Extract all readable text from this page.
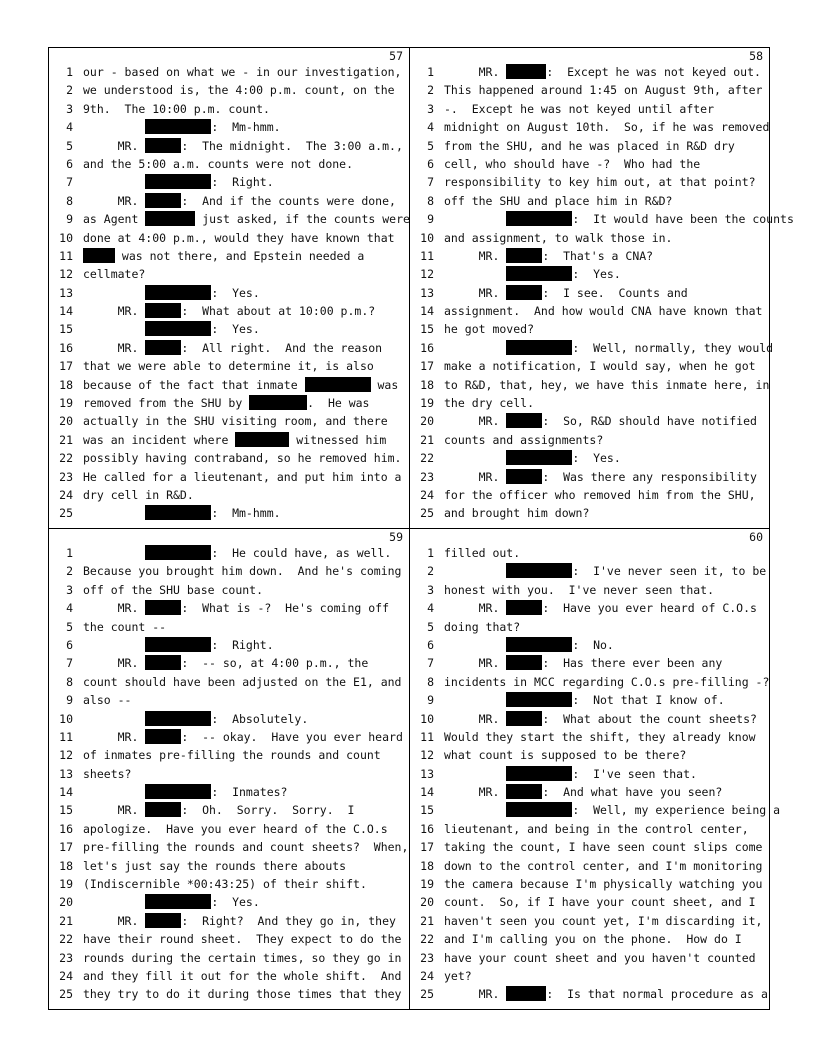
57
1 our - based on what we - in our investigation,
2 we understood is, the 4:00 p.m. count, on the
3 9th.  The 10:00 p.m. count.
4	:  Mm-hmm.
5 MR.	:  The midnight.  The 3:00 a.m.,
6 and the 5:00 a.m. counts were not done.
7	:  Right.
8 MR.	:  And if the counts were done,
9 as Agent	just asked, if the counts were
10 done at 4:00 p.m., would they have known that
11	was not there, and Epstein needed a
12 cellmate?
13	:  Yes.
14 MR.	:  What about at 10:00 p.m.?
15	:  Yes.
16 MR.	:  All right.  And the reason
17 that we were able to determine it, is also
18 because of the fact that inmate	was
19 removed from the SHU by	.  He was
20 actually in the SHU visiting room, and there
21 was an incident where	witnessed him
22 possibly having contraband, so he removed him.
23 He called for a lieutenant, and put him into a
24 dry cell in R&D.
25	:  Mm-hmm.
58
1 MR.	:  Except he was not keyed out.
2 This happened around 1:45 on August 9th, after
3 -.  Except he was not keyed until after
4 midnight on August 10th.  So, if he was removed
5 from the SHU, and he was placed in R&D dry
6 cell, who should have -?  Who had the
7 responsibility to key him out, at that point?
8 off the SHU and place him in R&D?
9	:  It would have been the counts
10 and assignment, to walk those in.
11 MR.	:  That's a CNA?
12	:  Yes.
13 MR.	:  I see.  Counts and
14 assignment.  And how would CNA have known that
15 he got moved?
16	:  Well, normally, they would
17 make a notification, I would say, when he got
18 to R&D, that, hey, we have this inmate here, in
19 the dry cell.
20 MR.	:  So, R&D should have notified
21 counts and assignments?
22	:  Yes.
23 MR.	:  Was there any responsibility
24 for the officer who removed him from the SHU,
25 and brought him down?
59
1	:  He could have, as well.
2 Because you brought him down.  And he's coming
3 off of the SHU base count.
4 MR.	:  What is -?  He's coming off
5 the count --
6	:  Right.
7 MR.	:  -- so, at 4:00 p.m., the
8 count should have been adjusted on the E1, and
9 also --
10	:  Absolutely.
11 MR.	:  -- okay.  Have you ever heard
12 of inmates pre-filling the rounds and count
13 sheets?
14	:  Inmates?
15 MR.	:  Oh.  Sorry.  Sorry.  I
16 apologize.  Have you ever heard of the C.O.s
17 pre-filling the rounds and count sheets?  When,
18 let's just say the rounds there abouts
19 (Indiscernible *00:43:25) of their shift.
20	:  Yes.
21 MR.	:  Right?  And they go in, they
22 have their round sheet.  They expect to do the
23 rounds during the certain times, so they go in
24 and they fill it out for the whole shift.  And
25 they try to do it during those times that they
60
1 filled out.
2	:  I've never seen it, to be
3 honest with you.  I've never seen that.
4 MR.	:  Have you ever heard of C.O.s
5 doing that?
6	:  No.
7 MR.	:  Has there ever been any
8 incidents in MCC regarding C.O.s pre-filling -?
9	:  Not that I know of.
10 MR.	:  What about the count sheets?
11 Would they start the shift, they already know
12 what count is supposed to be there?
13	:  I've seen that.
14 MR.	:  And what have you seen?
15	:  Well, my experience being a
16 lieutenant, and being in the control center,
17 taking the count, I have seen count slips come
18 down to the control center, and I'm monitoring
19 the camera because I'm physically watching you
20 count.  So, if I have your count sheet, and I
21 haven't seen you count yet, I'm discarding it,
22 and I'm calling you on the phone.  How do I
23 have your count sheet and you haven't counted
24 yet?
25 MR.	:  Is that normal procedure as a
